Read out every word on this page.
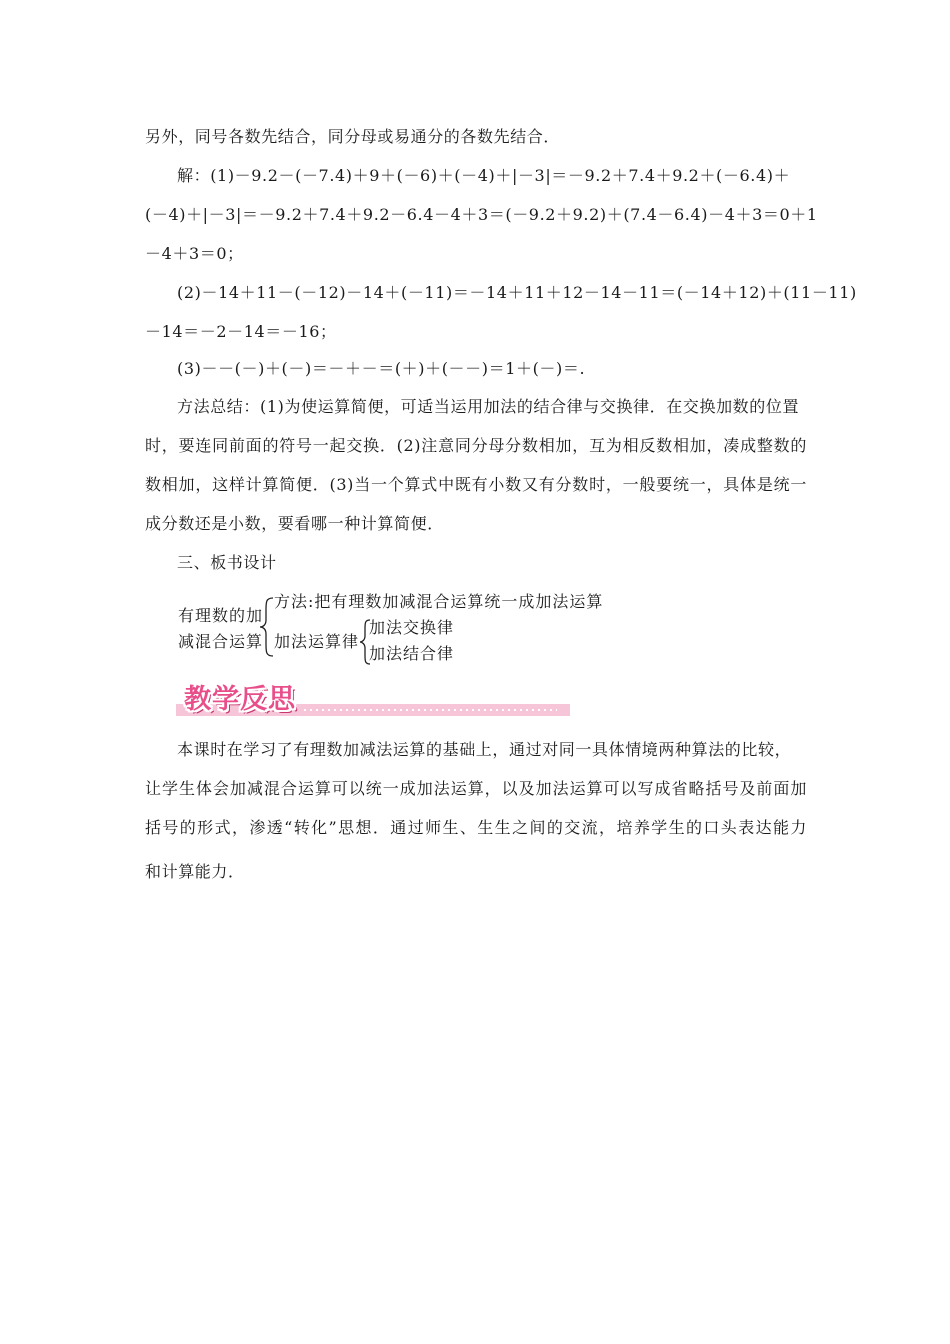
另外，同号各数先结合，同分母或易通分的各数先结合．
解：(1)－9.2－(－7.4)＋9＋(－6)＋(－4)＋|－3|＝－9.2＋7.4＋9.2＋(－6.4)＋
(－4)＋|－3|＝－9.2＋7.4＋9.2－6.4－4＋3＝(－9.2＋9.2)＋(7.4－6.4)－4＋3＝0＋1
－4＋3＝0；
(2)－14＋11－(－12)－14＋(－11)＝－14＋11＋12－14－11＝(－14＋12)＋(11－11)
－14＝－2－14＝－16；
(3)－－(－)＋(－)＝－＋－＝(＋)＋(－－)＝1＋(－)＝.
方法总结：(1)为使运算简便，可适当运用加法的结合律与交换律．在交换加数的位置
时，要连同前面的符号一起交换．(2)注意同分母分数相加，互为相反数相加，凑成整数的
数相加，这样计算简便．(3)当一个算式中既有小数又有分数时，一般要统一，具体是统一
成分数还是小数，要看哪一种计算简便．
三、板书设计
有理数的加
减混合运算
方法:把有理数加减混合运算统一成加法运算
加法运算律
加法交换律
加法结合律
教学反思
本课时在学习了有理数加减法运算的基础上，通过对同一具体情境两种算法的比较，
让学生体会加减混合运算可以统一成加法运算，以及加法运算可以写成省略括号及前面加
括号的形式，渗透“转化”思想．通过师生、生生之间的交流，培养学生的口头表达能力
和计算能力．
